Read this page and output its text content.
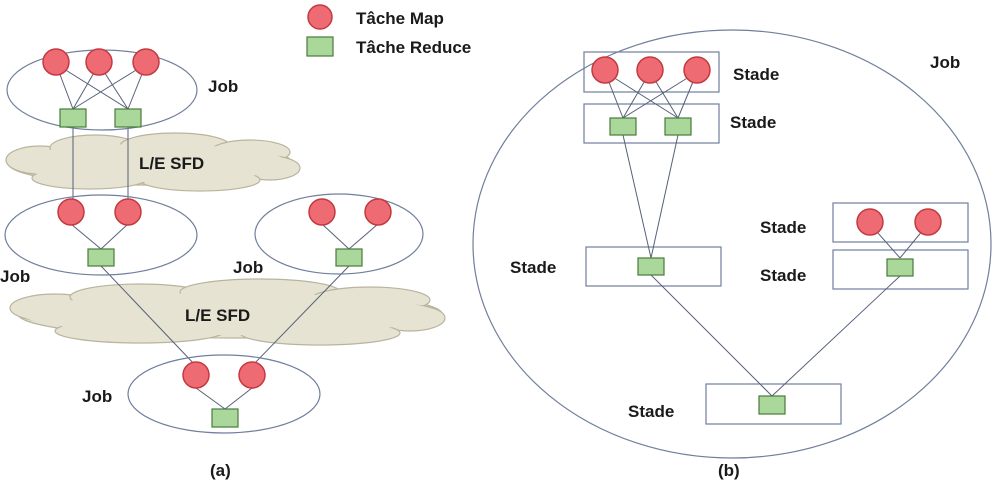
Tâche Map
Tâche Reduce
L/E SFD
L/E SFD
Job
Job	Job
Job
(a)
Job
Stade
Stade
Stade
Stade
Stade
Stade
(b)
